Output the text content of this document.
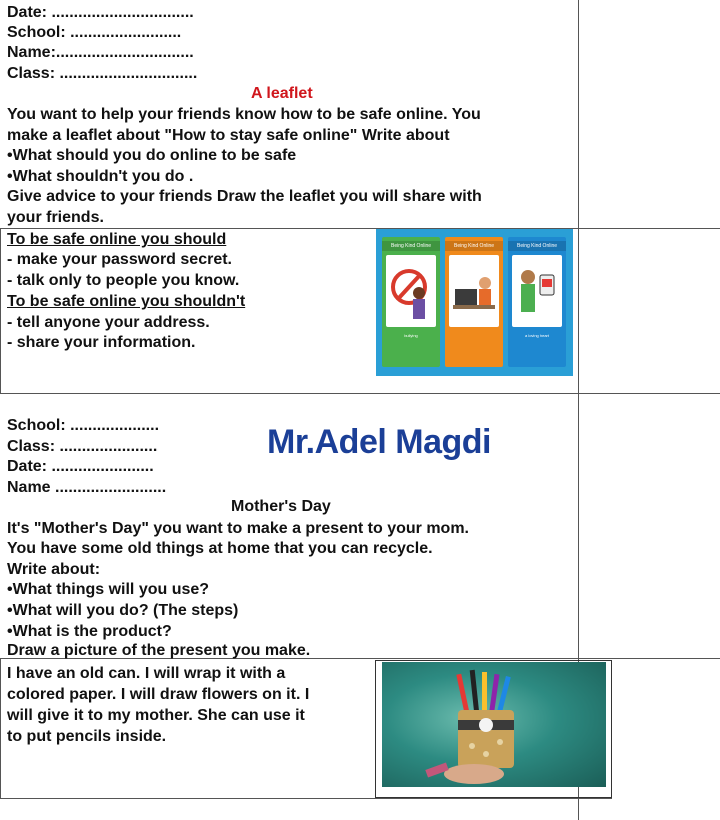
Date: ................................
School: .........................
Name:...............................
Class: ...............................
A leaflet
You want to help your friends know how to be safe online. You
make a leaflet about "How to stay safe online" Write about
• What should you do online to be safe
• What shouldn't you do .
Give advice to your friends Draw the leaflet you will share with
your friends.
To be safe online you should
- make your password secret.
- talk only to people you know.
To be safe online you shouldn't
- tell anyone your address.
- share your information.
Being Kind Online
bullying
Being Kind Online	Being Kind Online
a loving heart
School: ....................
Class: ......................
Date: .......................
Name .........................
Mr.Adel Magdi
Mother's Day
It's "Mother's Day" you want to make a present to your mom.
You have some old things at home that you can recycle.
Write about:
• What things will you use?
• What will you do? (The steps)
• What is the product?
Draw a picture of the present you make.
I have an old can. I will wrap it with a
colored paper. I will draw flowers on it. I
will give it to my mother. She can use it
to put pencils inside.
